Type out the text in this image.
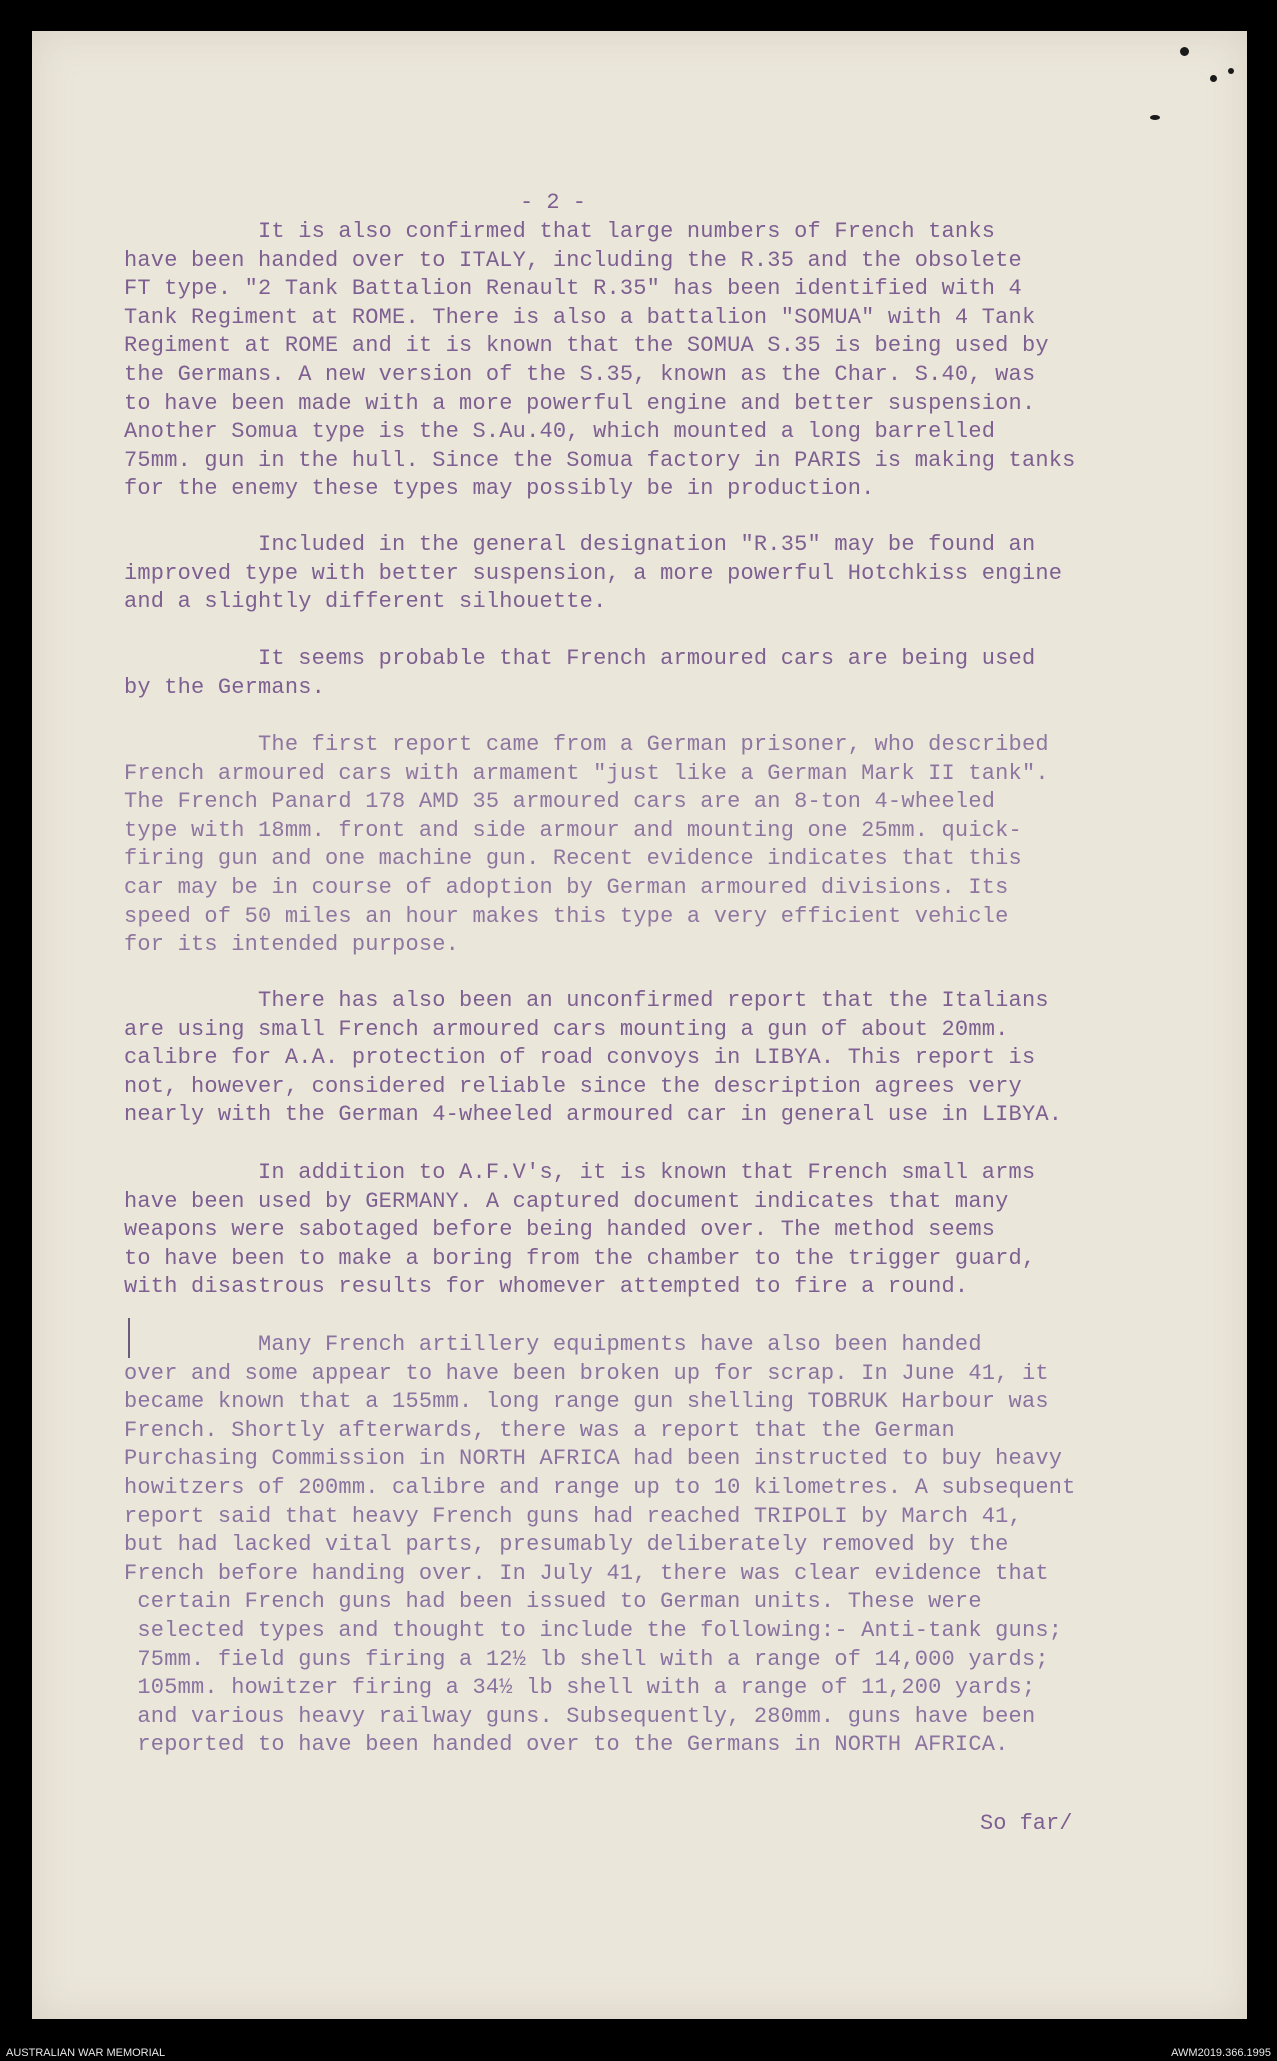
- 2 -
It is also confirmed that large numbers of French tanks
have been handed over to ITALY, including the R.35 and the obsolete
FT type. "2 Tank Battalion Renault R.35" has been identified with 4
Tank Regiment at ROME. There is also a battalion "SOMUA" with 4 Tank
Regiment at ROME and it is known that the SOMUA S.35 is being used by
the Germans. A new version of the S.35, known as the Char. S.40, was
to have been made with a more powerful engine and better suspension.
Another Somua type is the S.Au.40, which mounted a long barrelled
75mm. gun in the hull. Since the Somua factory in PARIS is making tanks
for the enemy these types may possibly be in production.
Included in the general designation "R.35" may be found an
improved type with better suspension, a more powerful Hotchkiss engine
and a slightly different silhouette.
It seems probable that French armoured cars are being used
by the Germans.
The first report came from a German prisoner, who described
French armoured cars with armament "just like a German Mark II tank".
The French Panard 178 AMD 35 armoured cars are an 8-ton 4-wheeled
type with 18mm. front and side armour and mounting one 25mm. quick-
firing gun and one machine gun. Recent evidence indicates that this
car may be in course of adoption by German armoured divisions. Its
speed of 50 miles an hour makes this type a very efficient vehicle
for its intended purpose.
There has also been an unconfirmed report that the Italians
are using small French armoured cars mounting a gun of about 20mm.
calibre for A.A. protection of road convoys in LIBYA. This report is
not, however, considered reliable since the description agrees very
nearly with the German 4-wheeled armoured car in general use in LIBYA.
In addition to A.F.V's, it is known that French small arms
have been used by GERMANY. A captured document indicates that many
weapons were sabotaged before being handed over. The method seems
to have been to make a boring from the chamber to the trigger guard,
with disastrous results for whomever attempted to fire a round.
Many French artillery equipments have also been handed
over and some appear to have been broken up for scrap. In June 41, it
became known that a 155mm. long range gun shelling TOBRUK Harbour was
French. Shortly afterwards, there was a report that the German
Purchasing Commission in NORTH AFRICA had been instructed to buy heavy
howitzers of 200mm. calibre and range up to 10 kilometres. A subsequent
report said that heavy French guns had reached TRIPOLI by March 41,
but had lacked vital parts, presumably deliberately removed by the
French before handing over. In July 41, there was clear evidence that
certain French guns had been issued to German units. These were
selected types and thought to include the following:- Anti-tank guns;
75mm. field guns firing a 12½ lb shell with a range of 14,000 yards;
105mm. howitzer firing a 34½ lb shell with a range of 11,200 yards;
and various heavy railway guns. Subsequently, 280mm. guns have been
reported to have been handed over to the Germans in NORTH AFRICA.
So far/
AUSTRALIAN WAR MEMORIAL	AWM2019.366.1995
